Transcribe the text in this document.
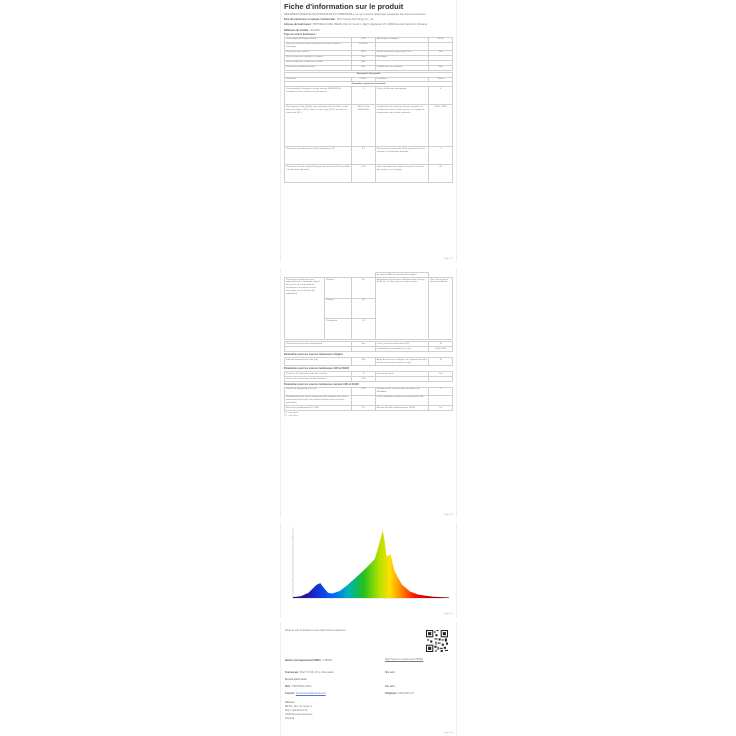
Fiche d'information sur le produit
RÈGLEMENT DÉLÉGUÉ (UE) 2019/2015 DE LA COMMISSION en ce qui concerne l'étiquetage énergétique des sources lumineuses
Nom du fournisseur ou marque commerciale : Zhili Yunshan Technology Co., Ltd.
Adresse du fournisseur : PRIYMILEA.LVIDA. BEGIN. Rico 42, Sector 1, Etaj 5, Apartament 26, 10082 Bucuresti Sectorul 1, Romania
Référence du modèle : JM-2200
Type de source lumineuse :
Technologie d'éclairage utilisée :	LED	Non-dirigée ou dirigée :	NDLS
Type de culot de la source lumineuse (ou autre interface électrique)	E27/E26		
Secteur ou non secteur :	MLS	Source lumineuse connectée (CLS) :	Non
Source lumineuse réglable en couleur :	Non	Enveloppe :	
Source lumineuse à luminance élevée :	Non		
Protection anti-éblouissement :	Non	Variable avec un variateur :	Non
Paramètres du produit			
Paramètre	Valeur	Paramètre	Valeur
Paramètres généraux du produit			
Consommation d'énergie en mode marche (kWh/1000 h), arrondie à l'entier supérieur le plus proche	3	Classe d'efficacité énergétique	F
Flux lumineux utile (Φutile), avec indication qu'il se réfère au flux dans une sphère (360°), dans un cône large (120°) ou dans un cône étroit (90°)	300 en Cône 360/90/360	Température de couleur proximale arrondie à la centaine de kelvins la plus proche, ou la plage de températures de couleur proximale	3000 - 3500
Puissance en mode marche (Pon) exprimée en W	3.7	Puissance en mode veille (Psb) exprimée en W et arrondie à la deuxième décimale	0
Puissance en mode veille (Pnet) pour les sources à W et arrondie à la deuxième décimale	0.03	Indice de rendu des couleurs, arrondi à l'entier le plus proche, ou à la plage	80
Page 1 / 4
			de valeurs d'IRC qui peuvent être réglées	
Dimensions extérieures sans appareillage de commande séparé, des parties de commande de l'éclairage et les parties non de l'éclairage, le cas échéant (en millimètres)	Hauteur	50	Équivalence de puissance déclarée dans la plage de 90 ans et il faut une je la valeur voulue	Non / Rouge de la plage précédente
	Largeur	50		
	Profondeur	50		
Déclaration de puissance équivalente	Non	Si oui, puissance équivalente (W)	30
		Coordonnées chromatiques (x et y)	0.404 0.407
Paramètres pour les sources lumineuses dirigées
Intensité lumineuse de crête (cd)	450	Angle de faisceau en degrés, ou la gamme d'angles de faisceau qui peuvent être ré glés	30
Paramètres pour les sources lumineuses LED et OLED
Fil valeur de l'indice de rendu des couleurs	8	Facteur de survie	1.00
Facteur de conservation du flux lumineux	0.96		
Paramètres pour les sources lumineuses secteur LED et OLED
Facteur de déphasage (cos φ1)	0.45	Constance des couleurs dans les ellipses de MacAdam	6
Déclaration qu'une source lumineuse LED remplace une source lumineuse fluorescente sans ballast intégré d'une puissance particulière		Si oui, déclaration relative au remplacement (W)	
Mesure du papillotement (Pst LM)	1.0	Mesure de l'effet stroboscopique (SVM)	0.4
(1) : non taken
(2) : non taken
Page 2 / 4
Page 3 / 4
Mode de suivi du produit en vente dans l'Union européenne
Numéro d'enregistrement EPREL : 1783961	https://eprel.ec.europa.eu/qr/1783961
Fournisseur : BAO YOUJIU CO.L. Alimentation	Site web :
Service après-vente
Nom : PRIYMILEA.LVIDA	Site web :
Courriel : info.humaninfo@outlook.com	Téléphone : 0000 0000 173
Adresse :
BIETAL. Rico 42, Sector 1,
Etaj 5, Apartament 26,
10082 Bucuresti Sectorul 1,
Romania
Page 4 / 4
